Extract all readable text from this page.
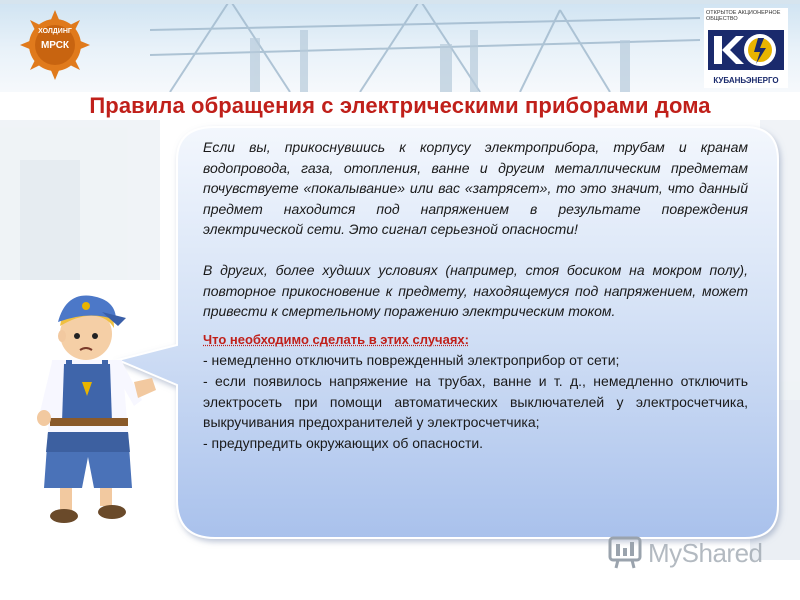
ХОЛДИНГ
МРСК
ОТКРЫТОЕ АКЦИОНЕРНОЕ ОБЩЕСТВО
КУБАНЬЭНЕРГО
Правила обращения с электрическими приборами дома

Если вы, прикоснувшись к корпусу электроприбора, трубам и кранам водопровода, газа, отопления, ванне и другим металлическим предметам почувствуете «покалывание» или вас «затрясет», то это значит, что данный предмет находится под напряжением в результате повреждения электрической сети. Это сигнал серьезной опасности!

В других, более худших условиях (например, стоя босиком на мокром полу), повторное прикосновение к предмету, находящемуся под напряжением, может привести к смертельному поражению электрическим током.

Что необходимо сделать в этих случаях:

- немедленно отключить поврежденный электроприбор от сети;

- если появилось напряжение на трубах, ванне и т. д., немедленно отключить электросеть при помощи автоматических выключателей у электросчетчика, выкручивания предохранителей у электросчетчика;

- предупредить окружающих об опасности.

MyShared
